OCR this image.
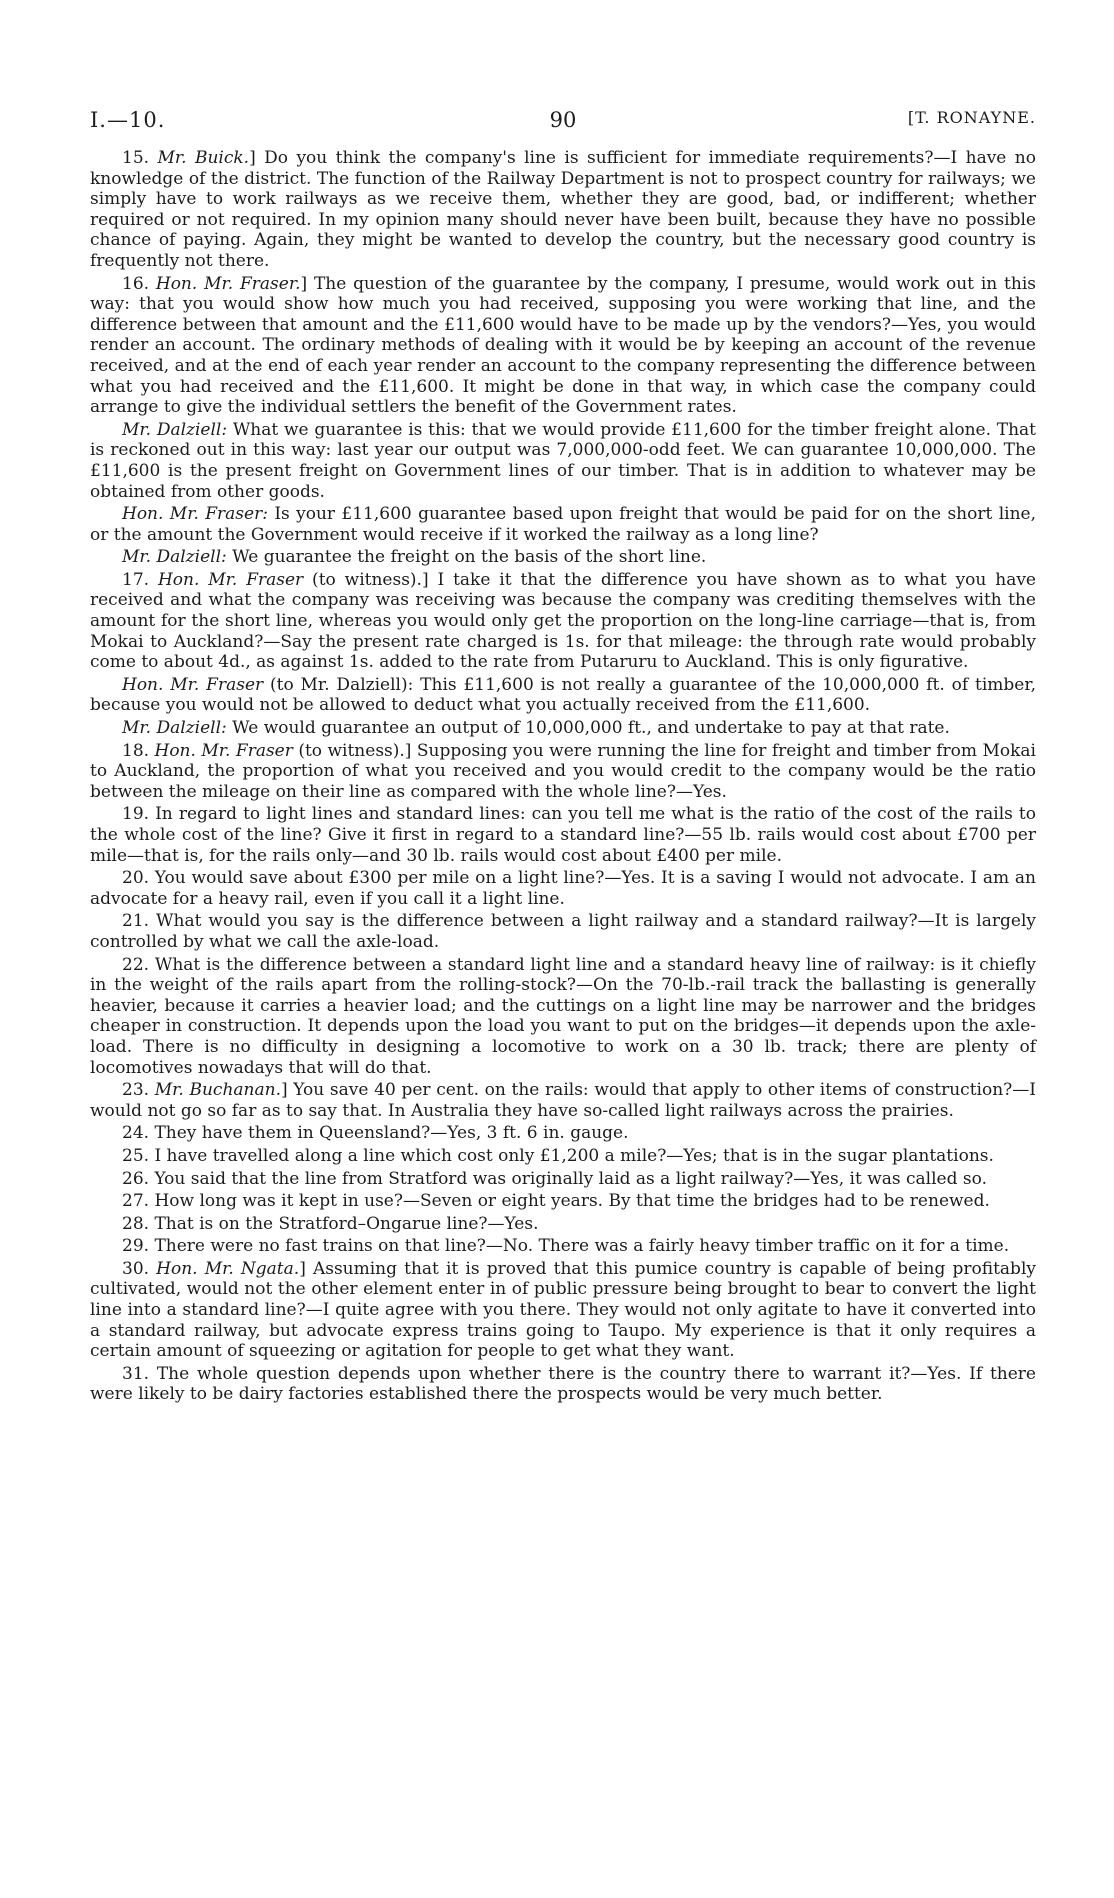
I.—10.	90	[T. RONAYNE.

15. Mr. Buick.] Do you think the company's line is sufficient for immediate requirements?—I have no knowledge of the district. The function of the Railway Department is not to prospect country for railways; we simply have to work railways as we receive them, whether they are good, bad, or indifferent; whether required or not required. In my opinion many should never have been built, because they have no possible chance of paying. Again, they might be wanted to develop the country, but the necessary good country is frequently not there.

16. Hon. Mr. Fraser.] The question of the guarantee by the company, I presume, would work out in this way: that you would show how much you had received, supposing you were working that line, and the difference between that amount and the £11,600 would have to be made up by the vendors?—Yes, you would render an account. The ordinary methods of dealing with it would be by keeping an account of the revenue received, and at the end of each year render an account to the company representing the difference between what you had received and the £11,600. It might be done in that way, in which case the company could arrange to give the individual settlers the benefit of the Government rates.

Mr. Dalziell: What we guarantee is this: that we would provide £11,600 for the timber freight alone. That is reckoned out in this way: last year our output was 7,000,000-odd feet. We can guarantee 10,000,000. The £11,600 is the present freight on Government lines of our timber. That is in addition to whatever may be obtained from other goods.

Hon. Mr. Fraser: Is your £11,600 guarantee based upon freight that would be paid for on the short line, or the amount the Government would receive if it worked the railway as a long line?

Mr. Dalziell: We guarantee the freight on the basis of the short line.

17. Hon. Mr. Fraser (to witness).] I take it that the difference you have shown as to what you have received and what the company was receiving was because the company was crediting themselves with the amount for the short line, whereas you would only get the proportion on the long-line carriage—that is, from Mokai to Auckland?—Say the present rate charged is 1s. for that mileage: the through rate would probably come to about 4d., as against 1s. added to the rate from Putaruru to Auckland. This is only figurative.

Hon. Mr. Fraser (to Mr. Dalziell): This £11,600 is not really a guarantee of the 10,000,000 ft. of timber, because you would not be allowed to deduct what you actually received from the £11,600.

Mr. Dalziell: We would guarantee an output of 10,000,000 ft., and undertake to pay at that rate.

18. Hon. Mr. Fraser (to witness).] Supposing you were running the line for freight and timber from Mokai to Auckland, the proportion of what you received and you would credit to the company would be the ratio between the mileage on their line as compared with the whole line?—Yes.

19. In regard to light lines and standard lines: can you tell me what is the ratio of the cost of the rails to the whole cost of the line? Give it first in regard to a standard line?—55 lb. rails would cost about £700 per mile—that is, for the rails only—and 30 lb. rails would cost about £400 per mile.

20. You would save about £300 per mile on a light line?—Yes. It is a saving I would not advocate. I am an advocate for a heavy rail, even if you call it a light line.

21. What would you say is the difference between a light railway and a standard railway?—It is largely controlled by what we call the axle-load.

22. What is the difference between a standard light line and a standard heavy line of railway: is it chiefly in the weight of the rails apart from the rolling-stock?—On the 70-lb.-rail track the ballasting is generally heavier, because it carries a heavier load; and the cuttings on a light line may be narrower and the bridges cheaper in construction. It depends upon the load you want to put on the bridges—it depends upon the axle-load. There is no difficulty in designing a locomotive to work on a 30 lb. track; there are plenty of locomotives nowadays that will do that.

23. Mr. Buchanan.] You save 40 per cent. on the rails: would that apply to other items of construction?—I would not go so far as to say that. In Australia they have so-called light railways across the prairies.

24. They have them in Queensland?—Yes, 3 ft. 6 in. gauge.

25. I have travelled along a line which cost only £1,200 a mile?—Yes; that is in the sugar plantations.

26. You said that the line from Stratford was originally laid as a light railway?—Yes, it was called so.

27. How long was it kept in use?—Seven or eight years. By that time the bridges had to be renewed.

28. That is on the Stratford–Ongarue line?—Yes.

29. There were no fast trains on that line?—No. There was a fairly heavy timber traffic on it for a time.

30. Hon. Mr. Ngata.] Assuming that it is proved that this pumice country is capable of being profitably cultivated, would not the other element enter in of public pressure being brought to bear to convert the light line into a standard line?—I quite agree with you there. They would not only agitate to have it converted into a standard railway, but advocate express trains going to Taupo. My experience is that it only requires a certain amount of squeezing or agitation for people to get what they want.

31. The whole question depends upon whether there is the country there to warrant it?—Yes. If there were likely to be dairy factories established there the prospects would be very much better.
